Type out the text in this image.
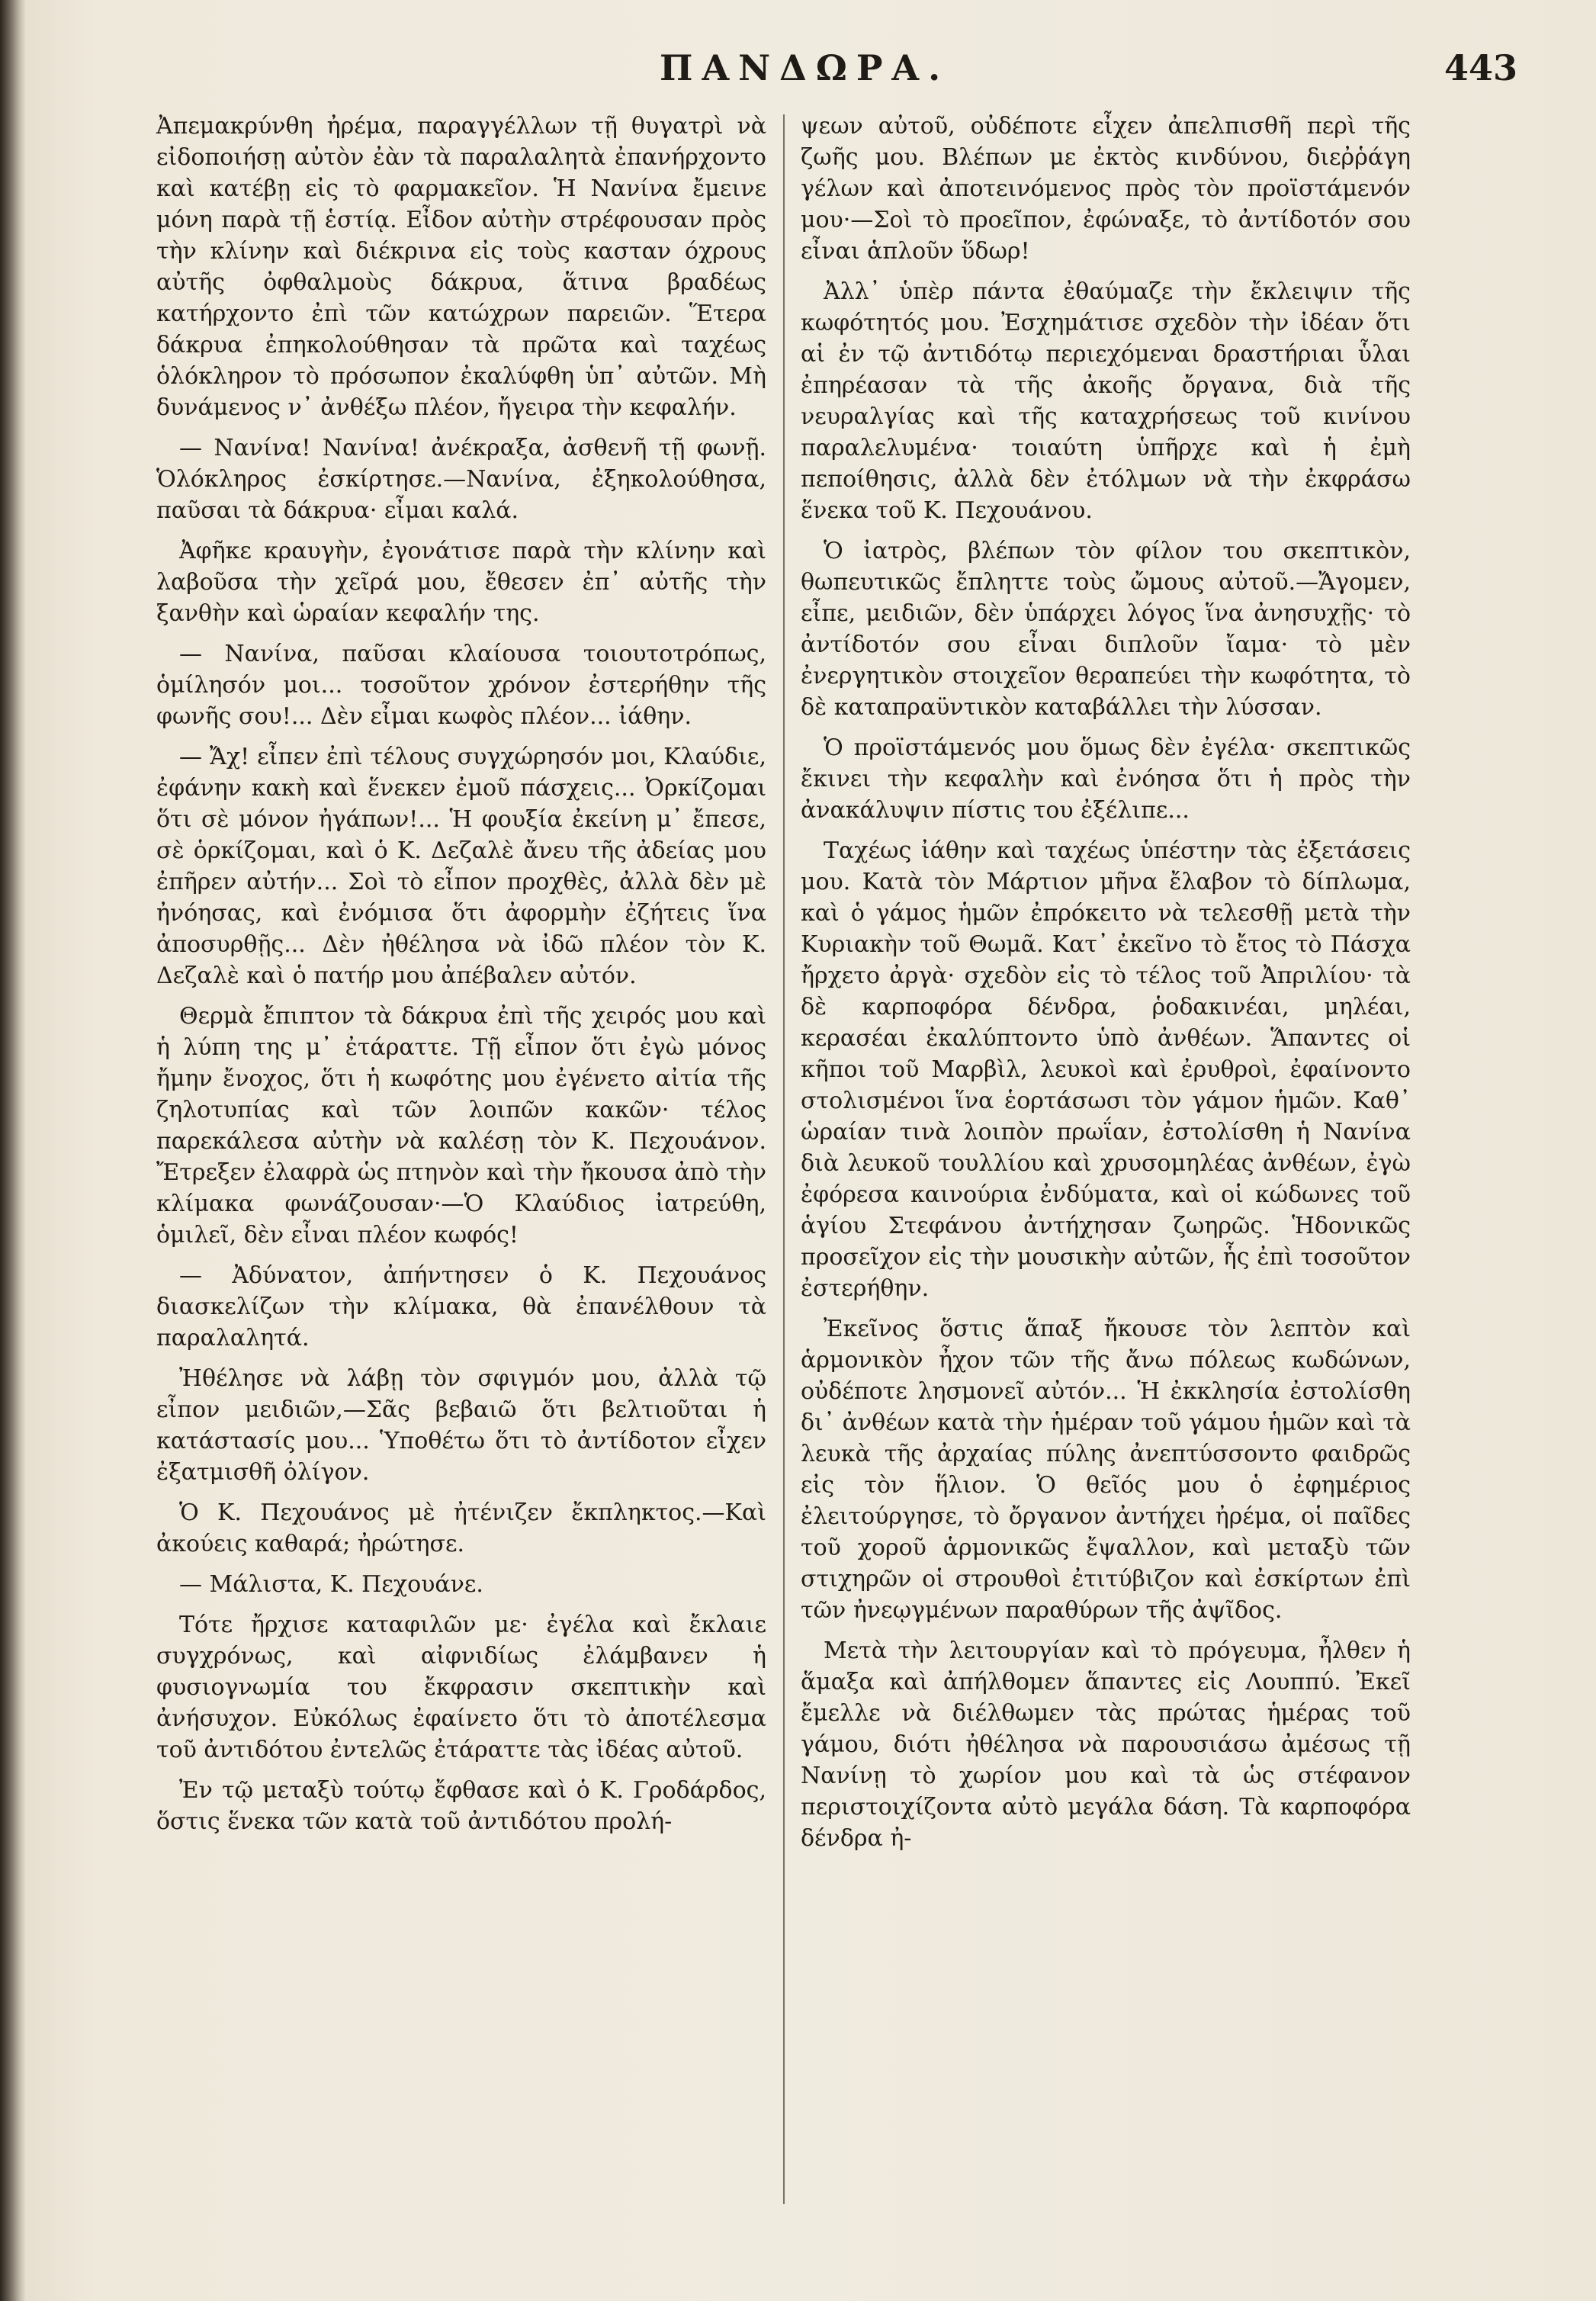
ΠΑΝΔΩΡΑ.	443

Ἀπεμακρύνθη ἠρέμα, παραγγέλλων τῇ θυγατρὶ νὰ εἰδοποιήσῃ αὐτὸν ἐὰν τὰ παραλαλητὰ ἐπανήρχοντο καὶ κατέβῃ εἰς τὸ φαρμακεῖον. Ἡ Νανίνα ἔμεινε μόνη παρὰ τῇ ἑστίᾳ. Εἶδον αὐτὴν στρέφουσαν πρὸς τὴν κλίνην καὶ διέκρινα εἰς τοὺς κασταν όχρους αὐτῆς ὀφθαλμοὺς δάκρυα, ἅτινα βραδέως κατήρχοντο ἐπὶ τῶν κατώχρων παρειῶν. Ἕτερα δάκρυα ἐπηκολούθησαν τὰ πρῶτα καὶ ταχέως ὁλόκληρον τὸ πρόσωπον ἐκαλύφθη ὑπ᾽ αὐτῶν. Μὴ δυνάμενος ν᾽ ἀνθέξω πλέον, ἤγειρα τὴν κεφαλήν.

— Νανίνα! Νανίνα! ἀνέκραξα, ἀσθενῆ τῇ φωνῇ. Ὁλόκληρος ἐσκίρτησε.—Νανίνα, ἐξηκολούθησα, παῦσαι τὰ δάκρυα· εἶμαι καλά.

Ἀφῆκε κραυγὴν, ἐγονάτισε παρὰ τὴν κλίνην καὶ λαβοῦσα τὴν χεῖρά μου, ἔθεσεν ἐπ᾽ αὐτῆς τὴν ξανθὴν καὶ ὡραίαν κεφαλήν της.

— Νανίνα, παῦσαι κλαίουσα τοιουτοτρόπως, ὁμίλησόν μοι... τοσοῦτον χρόνον ἐστερήθην τῆς φωνῆς σου!... Δὲν εἶμαι κωφὸς πλέον... ἰάθην.

— Ἄχ! εἶπεν ἐπὶ τέλους συγχώρησόν μοι, Κλαύδιε, ἐφάνην κακὴ καὶ ἕνεκεν ἐμοῦ πάσχεις... Ὀρκίζομαι ὅτι σὲ μόνον ἠγάπων!... Ἡ φουξία ἐκείνη μ᾽ ἔπεσε, σὲ ὁρκίζομαι, καὶ ὁ Κ. Δεζαλὲ ἄνευ τῆς ἀδείας μου ἐπῆρεν αὐτήν... Σοὶ τὸ εἶπον προχθὲς, ἀλλὰ δὲν μὲ ἠνόησας, καὶ ἐνόμισα ὅτι ἀφορμὴν ἐζήτεις ἵνα ἀποσυρθῇς... Δὲν ἠθέλησα νὰ ἰδῶ πλέον τὸν Κ. Δεζαλὲ καὶ ὁ πατήρ μου ἀπέβαλεν αὐτόν.

Θερμὰ ἔπιπτον τὰ δάκρυα ἐπὶ τῆς χειρός μου καὶ ἡ λύπη της μ᾽ ἐτάραττε. Τῇ εἶπον ὅτι ἐγὼ μόνος ἤμην ἔνοχος, ὅτι ἡ κωφότης μου ἐγένετο αἰτία τῆς ζηλοτυπίας καὶ τῶν λοιπῶν κακῶν· τέλος παρεκάλεσα αὐτὴν νὰ καλέσῃ τὸν Κ. Πεχουάνον. Ἔτρεξεν ἐλαφρὰ ὡς πτηνὸν καὶ τὴν ἤκουσα ἀπὸ τὴν κλίμακα φωνάζουσαν·—Ὁ Κλαύδιος ἰατρεύθη, ὁμιλεῖ, δὲν εἶναι πλέον κωφός!

— Ἀδύνατον, ἀπήντησεν ὁ Κ. Πεχουάνος διασκελίζων τὴν κλίμακα, θὰ ἐπανέλθουν τὰ παραλαλητά.

Ἠθέλησε νὰ λάβῃ τὸν σφιγμόν μου, ἀλλὰ τῷ εἶπον μειδιῶν,—Σᾶς βεβαιῶ ὅτι βελτιοῦται ἡ κατάστασίς μου... Ὑποθέτω ὅτι τὸ ἀντίδοτον εἶχεν ἐξατμισθῆ ὀλίγον.

Ὁ Κ. Πεχουάνος μὲ ἠτένιζεν ἔκπληκτος.—Καὶ ἀκούεις καθαρά; ἠρώτησε.

— Μάλιστα, Κ. Πεχουάνε.

Τότε ἤρχισε καταφιλῶν με· ἐγέλα καὶ ἔκλαιε συγχρόνως, καὶ αἰφνιδίως ἐλάμβανεν ἡ φυσιογνωμία του ἔκφρασιν σκεπτικὴν καὶ ἀνήσυχον. Εὐκόλως ἐφαίνετο ὅτι τὸ ἀποτέλεσμα τοῦ ἀντιδότου ἐντελῶς ἐτάραττε τὰς ἰδέας αὐτοῦ.

Ἐν τῷ μεταξὺ τούτῳ ἔφθασε καὶ ὁ Κ. Γροδάρδος, ὅστις ἕνεκα τῶν κατὰ τοῦ ἀντιδότου προλή-

ψεων αὐτοῦ, οὐδέποτε εἶχεν ἀπελπισθῆ περὶ τῆς ζωῆς μου. Βλέπων με ἐκτὸς κινδύνου, διεῤῥάγη γέλων καὶ ἀποτεινόμενος πρὸς τὸν προϊστάμενόν μου·—Σοὶ τὸ προεῖπον, ἐφώναξε, τὸ ἀντίδοτόν σου εἶναι ἁπλοῦν ὕδωρ!

Ἀλλ᾽ ὑπὲρ πάντα ἐθαύμαζε τὴν ἔκλειψιν τῆς κωφότητός μου. Ἐσχημάτισε σχεδὸν τὴν ἰδέαν ὅτι αἱ ἐν τῷ ἀντιδότῳ περιεχόμεναι δραστήριαι ὗλαι ἐπηρέασαν τὰ τῆς ἀκοῆς ὄργανα, διὰ τῆς νευραλγίας καὶ τῆς καταχρήσεως τοῦ κινίνου παραλελυμένα· τοιαύτη ὑπῆρχε καὶ ἡ ἐμὴ πεποίθησις, ἀλλὰ δὲν ἐτόλμων νὰ τὴν ἐκφράσω ἕνεκα τοῦ Κ. Πεχουάνου.

Ὁ ἰατρὸς, βλέπων τὸν φίλον του σκεπτικὸν, θωπευτικῶς ἔπληττε τοὺς ὤμους αὐτοῦ.—Ἄγομεν, εἶπε, μειδιῶν, δὲν ὑπάρχει λόγος ἵνα ἀνησυχῇς· τὸ ἀντίδοτόν σου εἶναι διπλοῦν ἴαμα· τὸ μὲν ἐνεργητικὸν στοιχεῖον θεραπεύει τὴν κωφότητα, τὸ δὲ καταπραϋντικὸν καταβάλλει τὴν λύσσαν.

Ὁ προϊστάμενός μου ὅμως δὲν ἐγέλα· σκεπτικῶς ἔκινει τὴν κεφαλὴν καὶ ἐνόησα ὅτι ἡ πρὸς τὴν ἀνακάλυψιν πίστις του ἐξέλιπε...

Ταχέως ἰάθην καὶ ταχέως ὑπέστην τὰς ἐξετάσεις μου. Κατὰ τὸν Μάρτιον μῆνα ἔλαβον τὸ δίπλωμα, καὶ ὁ γάμος ἡμῶν ἐπρόκειτο νὰ τελεσθῇ μετὰ τὴν Κυριακὴν τοῦ Θωμᾶ. Κατ᾽ ἐκεῖνο τὸ ἔτος τὸ Πάσχα ἤρχετο ἀργὰ· σχεδὸν εἰς τὸ τέλος τοῦ Ἀπριλίου· τὰ δὲ καρποφόρα δένδρα, ῥοδακινέαι, μηλέαι, κερασέαι ἐκαλύπτοντο ὑπὸ ἀνθέων. Ἅπαντες οἱ κῆποι τοῦ Μαρβὶλ, λευκοὶ καὶ ἐρυθροὶ, ἐφαίνοντο στολισμένοι ἵνα ἑορτάσωσι τὸν γάμον ἡμῶν. Καθ᾽ ὡραίαν τινὰ λοιπὸν πρωΐαν, ἐστολίσθη ἡ Νανίνα διὰ λευκοῦ τουλλίου καὶ χρυσομηλέας ἀνθέων, ἐγὼ ἐφόρεσα καινούρια ἐνδύματα, καὶ οἱ κώδωνες τοῦ ἁγίου Στεφάνου ἀντήχησαν ζωηρῶς. Ἡδονικῶς προσεῖχον εἰς τὴν μουσικὴν αὐτῶν, ἧς ἐπὶ τοσοῦτον ἐστερήθην.

Ἐκεῖνος ὅστις ἅπαξ ἤκουσε τὸν λεπτὸν καὶ ἁρμονικὸν ἦχον τῶν τῆς ἄνω πόλεως κωδώνων, οὐδέποτε λησμονεῖ αὐτόν... Ἡ ἐκκλησία ἐστολίσθη δι᾽ ἀνθέων κατὰ τὴν ἡμέραν τοῦ γάμου ἡμῶν καὶ τὰ λευκὰ τῆς ἀρχαίας πύλης ἀνεπτύσσοντο φαιδρῶς εἰς τὸν ἥλιον. Ὁ θεῖός μου ὁ ἐφημέριος ἐλειτούργησε, τὸ ὄργανον ἀντήχει ἠρέμα, οἱ παῖδες τοῦ χοροῦ ἁρμονικῶς ἔψαλλον, καὶ μεταξὺ τῶν στιχηρῶν οἱ στρουθοὶ ἐτιτύβιζον καὶ ἐσκίρτων ἐπὶ τῶν ἠνεῳγμένων παραθύρων τῆς ἀψῖδος.

Μετὰ τὴν λειτουργίαν καὶ τὸ πρόγευμα, ἦλθεν ἡ ἅμαξα καὶ ἀπήλθομεν ἅπαντες εἰς Λουππύ. Ἐκεῖ ἔμελλε νὰ διέλθωμεν τὰς πρώτας ἡμέρας τοῦ γάμου, διότι ἠθέλησα νὰ παρουσιάσω ἀμέσως τῇ Νανίνῃ τὸ χωρίον μου καὶ τὰ ὡς στέφανον περιστοιχίζοντα αὐτὸ μεγάλα δάση. Τὰ καρποφόρα δένδρα ἠ-
